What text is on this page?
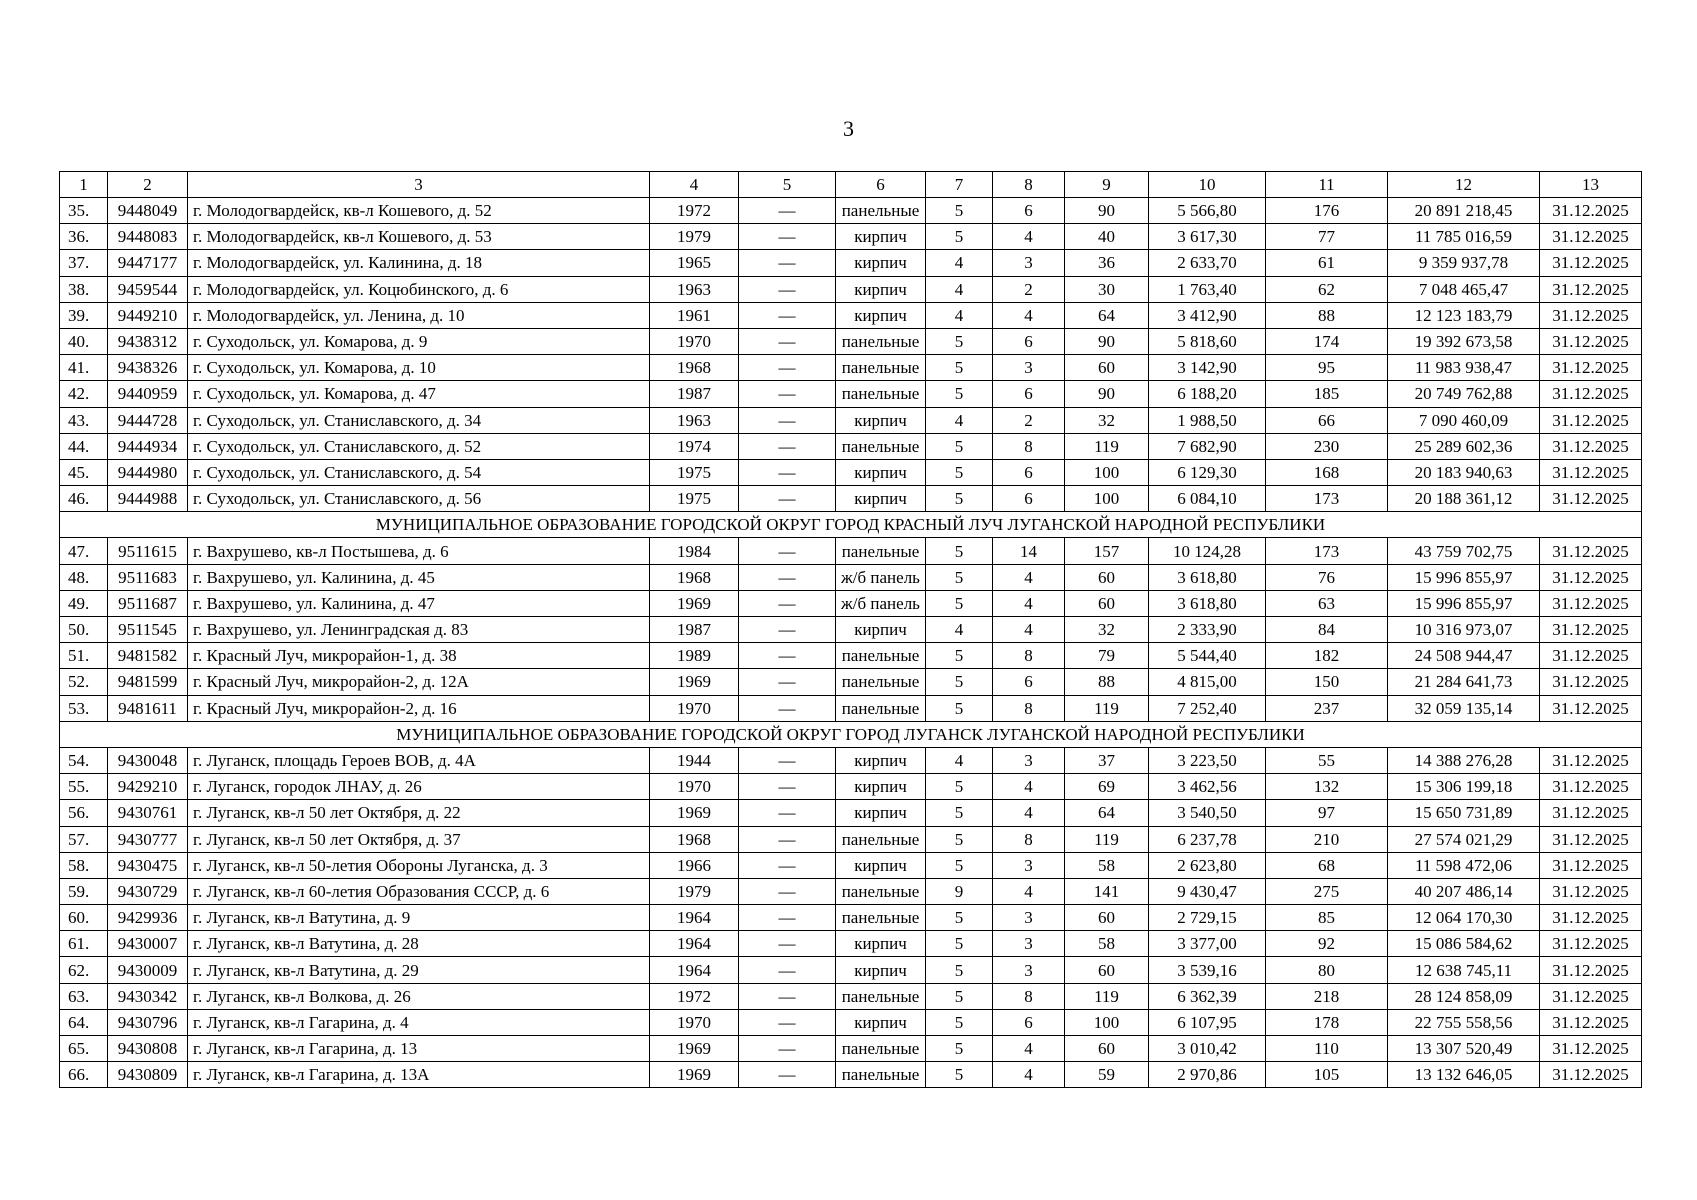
3
1	2	3	4	5	6	7	8	9	10	11	12	13
35.	9448049	г. Молодогвардейск, кв-л Кошевого, д. 52	1972	—	панельные	5	6	90	5 566,80	176	20 891 218,45	31.12.2025
36.	9448083	г. Молодогвардейск, кв-л Кошевого, д. 53	1979	—	кирпич	5	4	40	3 617,30	77	11 785 016,59	31.12.2025
37.	9447177	г. Молодогвардейск, ул. Калинина, д. 18	1965	—	кирпич	4	3	36	2 633,70	61	9 359 937,78	31.12.2025
38.	9459544	г. Молодогвардейск, ул. Коцюбинского, д. 6	1963	—	кирпич	4	2	30	1 763,40	62	7 048 465,47	31.12.2025
39.	9449210	г. Молодогвардейск, ул. Ленина, д. 10	1961	—	кирпич	4	4	64	3 412,90	88	12 123 183,79	31.12.2025
40.	9438312	г. Суходольск, ул. Комарова, д. 9	1970	—	панельные	5	6	90	5 818,60	174	19 392 673,58	31.12.2025
41.	9438326	г. Суходольск, ул. Комарова, д. 10	1968	—	панельные	5	3	60	3 142,90	95	11 983 938,47	31.12.2025
42.	9440959	г. Суходольск, ул. Комарова, д. 47	1987	—	панельные	5	6	90	6 188,20	185	20 749 762,88	31.12.2025
43.	9444728	г. Суходольск, ул. Станиславского, д. 34	1963	—	кирпич	4	2	32	1 988,50	66	7 090 460,09	31.12.2025
44.	9444934	г. Суходольск, ул. Станиславского, д. 52	1974	—	панельные	5	8	119	7 682,90	230	25 289 602,36	31.12.2025
45.	9444980	г. Суходольск, ул. Станиславского, д. 54	1975	—	кирпич	5	6	100	6 129,30	168	20 183 940,63	31.12.2025
46.	9444988	г. Суходольск, ул. Станиславского, д. 56	1975	—	кирпич	5	6	100	6 084,10	173	20 188 361,12	31.12.2025
МУНИЦИПАЛЬНОЕ ОБРАЗОВАНИЕ ГОРОДСКОЙ ОКРУГ ГОРОД КРАСНЫЙ ЛУЧ ЛУГАНСКОЙ НАРОДНОЙ РЕСПУБЛИКИ												
47.	9511615	г. Вахрушево, кв-л Постышева, д. 6	1984	—	панельные	5	14	157	10 124,28	173	43 759 702,75	31.12.2025
48.	9511683	г. Вахрушево, ул. Калинина, д. 45	1968	—	ж/б панель	5	4	60	3 618,80	76	15 996 855,97	31.12.2025
49.	9511687	г. Вахрушево, ул. Калинина, д. 47	1969	—	ж/б панель	5	4	60	3 618,80	63	15 996 855,97	31.12.2025
50.	9511545	г. Вахрушево, ул. Ленинградская д. 83	1987	—	кирпич	4	4	32	2 333,90	84	10 316 973,07	31.12.2025
51.	9481582	г. Красный Луч, микрорайон-1, д. 38	1989	—	панельные	5	8	79	5 544,40	182	24 508 944,47	31.12.2025
52.	9481599	г. Красный Луч, микрорайон-2, д. 12А	1969	—	панельные	5	6	88	4 815,00	150	21 284 641,73	31.12.2025
53.	9481611	г. Красный Луч, микрорайон-2, д. 16	1970	—	панельные	5	8	119	7 252,40	237	32 059 135,14	31.12.2025
МУНИЦИПАЛЬНОЕ ОБРАЗОВАНИЕ ГОРОДСКОЙ ОКРУГ ГОРОД ЛУГАНСК ЛУГАНСКОЙ НАРОДНОЙ РЕСПУБЛИКИ												
54.	9430048	г. Луганск, площадь Героев ВОВ, д. 4А	1944	—	кирпич	4	3	37	3 223,50	55	14 388 276,28	31.12.2025
55.	9429210	г. Луганск, городок ЛНАУ, д. 26	1970	—	кирпич	5	4	69	3 462,56	132	15 306 199,18	31.12.2025
56.	9430761	г. Луганск, кв-л 50 лет Октября, д. 22	1969	—	кирпич	5	4	64	3 540,50	97	15 650 731,89	31.12.2025
57.	9430777	г. Луганск, кв-л 50 лет Октября, д. 37	1968	—	панельные	5	8	119	6 237,78	210	27 574 021,29	31.12.2025
58.	9430475	г. Луганск, кв-л 50-летия Обороны Луганска, д. 3	1966	—	кирпич	5	3	58	2 623,80	68	11 598 472,06	31.12.2025
59.	9430729	г. Луганск, кв-л 60-летия Образования СССР, д. 6	1979	—	панельные	9	4	141	9 430,47	275	40 207 486,14	31.12.2025
60.	9429936	г. Луганск, кв-л Ватутина, д. 9	1964	—	панельные	5	3	60	2 729,15	85	12 064 170,30	31.12.2025
61.	9430007	г. Луганск, кв-л Ватутина, д. 28	1964	—	кирпич	5	3	58	3 377,00	92	15 086 584,62	31.12.2025
62.	9430009	г. Луганск, кв-л Ватутина, д. 29	1964	—	кирпич	5	3	60	3 539,16	80	12 638 745,11	31.12.2025
63.	9430342	г. Луганск, кв-л Волкова, д. 26	1972	—	панельные	5	8	119	6 362,39	218	28 124 858,09	31.12.2025
64.	9430796	г. Луганск, кв-л Гагарина, д. 4	1970	—	кирпич	5	6	100	6 107,95	178	22 755 558,56	31.12.2025
65.	9430808	г. Луганск, кв-л Гагарина, д. 13	1969	—	панельные	5	4	60	3 010,42	110	13 307 520,49	31.12.2025
66.	9430809	г. Луганск, кв-л Гагарина, д. 13А	1969	—	панельные	5	4	59	2 970,86	105	13 132 646,05	31.12.2025
